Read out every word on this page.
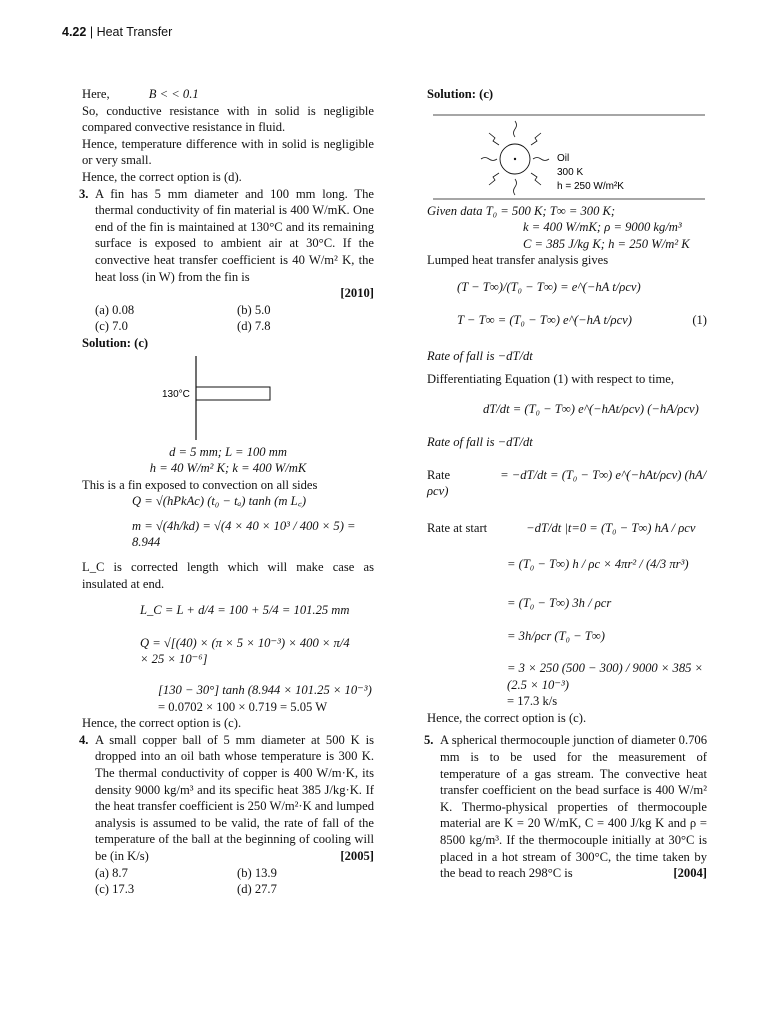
4.22 | Heat Transfer

Here,	B < < 0.1

So, conductive resistance with in solid is negligible compared convective resistance in fluid.

Hence, temperature difference with in solid is negligible or very small.

Hence, the correct option is (d).

3. A fin has 5 mm diameter and 100 mm long. The thermal conductivity of fin material is 400 W/mK. One end of the fin is maintained at 130°C and its remaining surface is exposed to ambient air at 30°C. If the convective heat transfer coefficient is 40 W/m² K, the heat loss (in W) from the fin is
[2010]
(a) 0.08	(b) 5.0
(c) 7.0	(d) 7.8

Solution: (c)

130°C

d = 5 mm; L = 100 mm

h = 40 W/m² K; k = 400 W/mK

This is a fin exposed to convection on all sides

Q = √(hPkAc) (t₀ − tₐ) tanh (m L꜀)

m = √(4h/kd) = √(4 × 40 × 10³ / 400 × 5) = 8.944

L_C is corrected length which will make case as insulated at end.

L_C = L + d/4 = 100 + 5/4 = 101.25 mm

Q = √[(40) × (π × 5 × 10⁻³) × 400 × π/4 × 25 × 10⁻⁶]

[130 − 30°] tanh (8.944 × 101.25 × 10⁻³)

= 0.0702 × 100 × 0.719 = 5.05 W

Hence, the correct option is (c).

4. A small copper ball of 5 mm diameter at 500 K is dropped into an oil bath whose temperature is 300 K. The thermal conductivity of copper is 400 W/m·K, its density 9000 kg/m³ and its specific heat 385 J/kg·K. If the heat transfer coefficient is 250 W/m²·K and lumped analysis is assumed to be valid, the rate of fall of the temperature of the ball at the beginning of cooling will be (in K/s)	[2005]
(a) 8.7	(b) 13.9
(c) 17.3	(d) 27.7

Solution: (c)

Oil
300 K
h = 250 W/m²K

Given data T₀ = 500 K; T∞ = 300 K;

k = 400 W/mK; ρ = 9000 kg/m³

C = 385 J/kg K; h = 250 W/m² K

Lumped heat transfer analysis gives

(T − T∞)/(T₀ − T∞) = e^(−hA t/ρcv)

T − T∞ = (T₀ − T∞) e^(−hA t/ρcv)	(1)

Rate of fall is −dT/dt

Differentiating Equation (1) with respect to time,

dT/dt = (T₀ − T∞) e^(−hAt/ρcv) (−hA/ρcv)

Rate of fall is −dT/dt

Rate	= −dT/dt = (T₀ − T∞) e^(−hAt/ρcv) (hA/ρcv)

Rate at start	−dT/dt |t=0 = (T₀ − T∞) hA / ρcv

= (T₀ − T∞) h / ρc × 4πr² / (4/3 πr³)

= (T₀ − T∞) 3h / ρcr

= 3h/ρcr (T₀ − T∞)

= 3 × 250 (500 − 300) / 9000 × 385 × (2.5 × 10⁻³)

= 17.3 k/s

Hence, the correct option is (c).

5. A spherical thermocouple junction of diameter 0.706 mm is to be used for the measurement of temperature of a gas stream. The convective heat transfer coefficient on the bead surface is 400 W/m² K. Thermo-physical properties of thermocouple material are K = 20 W/mK, C = 400 J/kg K and ρ = 8500 kg/m³. If the thermocouple initially at 30°C is placed in a hot stream of 300°C, the time taken by the bead to reach 298°C is	[2004]
